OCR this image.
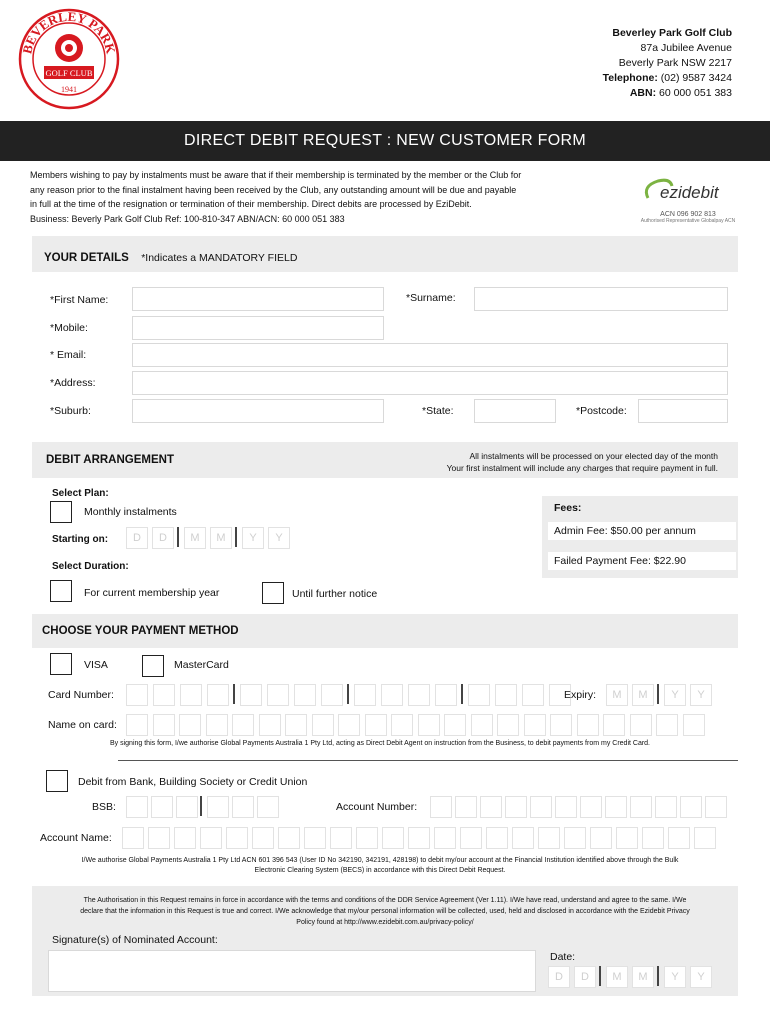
BEVERLEY PARK
GOLF CLUB
1941
Beverley Park Golf Club
87a Jubilee Avenue
Beverly Park NSW 2217
Telephone: (02) 9587 3424
ABN: 60 000 051 383
DIRECT DEBIT REQUEST : NEW CUSTOMER FORM
Members wishing to pay by instalments must be aware that if their membership is terminated by the member or the Club for
any reason prior to the final instalment having been received by the Club, any outstanding amount will be due and payable
in full at the time of the resignation or termination of their membership. Direct debits are processed by EziDebit.
Business: Beverly Park Golf Club Ref: 100-810-347 ABN/ACN: 60 000 051 383
ezidebit
ACN 096 902 813
Authorised Representative Globalpay ACN
YOUR DETAILS *Indicates a MANDATORY FIELD
*First Name:	*Surname:
*Mobile:
* Email:
*Address:
*Suburb:	*State:	*Postcode:
DEBIT ARRANGEMENT	All instalments will be processed on your elected day of the month
Your first instalment will include any charges that require payment in full.
Select Plan:
Monthly instalments
Starting on:	D	D	M	M	Y	Y
Select Duration:
For current membership year	Until further notice
Fees:
Admin Fee: $50.00 per annum
Failed Payment Fee: $22.90
CHOOSE YOUR PAYMENT METHOD
VISA	MasterCard
Card Number:	Expiry:	M	M	Y	Y
Name on card:
By signing this form, I/we authorise Global Payments Australia 1 Pty Ltd, acting as Direct Debit Agent on instruction from the Business, to debit payments from my Credit Card.
Debit from Bank, Building Society or Credit Union
BSB:	Account Number:
Account Name:
I/We authorise Global Payments Australia 1 Pty Ltd ACN 601 396 543 (User ID No 342190, 342191, 428198) to debit my/our account at the Financial Institution identified above through the Bulk
Electronic Clearing System (BECS) in accordance with this Direct Debit Request.
The Authorisation in this Request remains in force in accordance with the terms and conditions of the DDR Service Agreement (Ver 1.11). I/We have read, understand and agree to the same. I/We
declare that the information in this Request is true and correct. I/We acknowledge that my/our personal information will be collected, used, held and disclosed in accordance with the Ezidebit Privacy
Policy found at http://www.ezidebit.com.au/privacy-policy/
Signature(s) of Nominated Account:
Date:
D	D	M	M	Y	Y
